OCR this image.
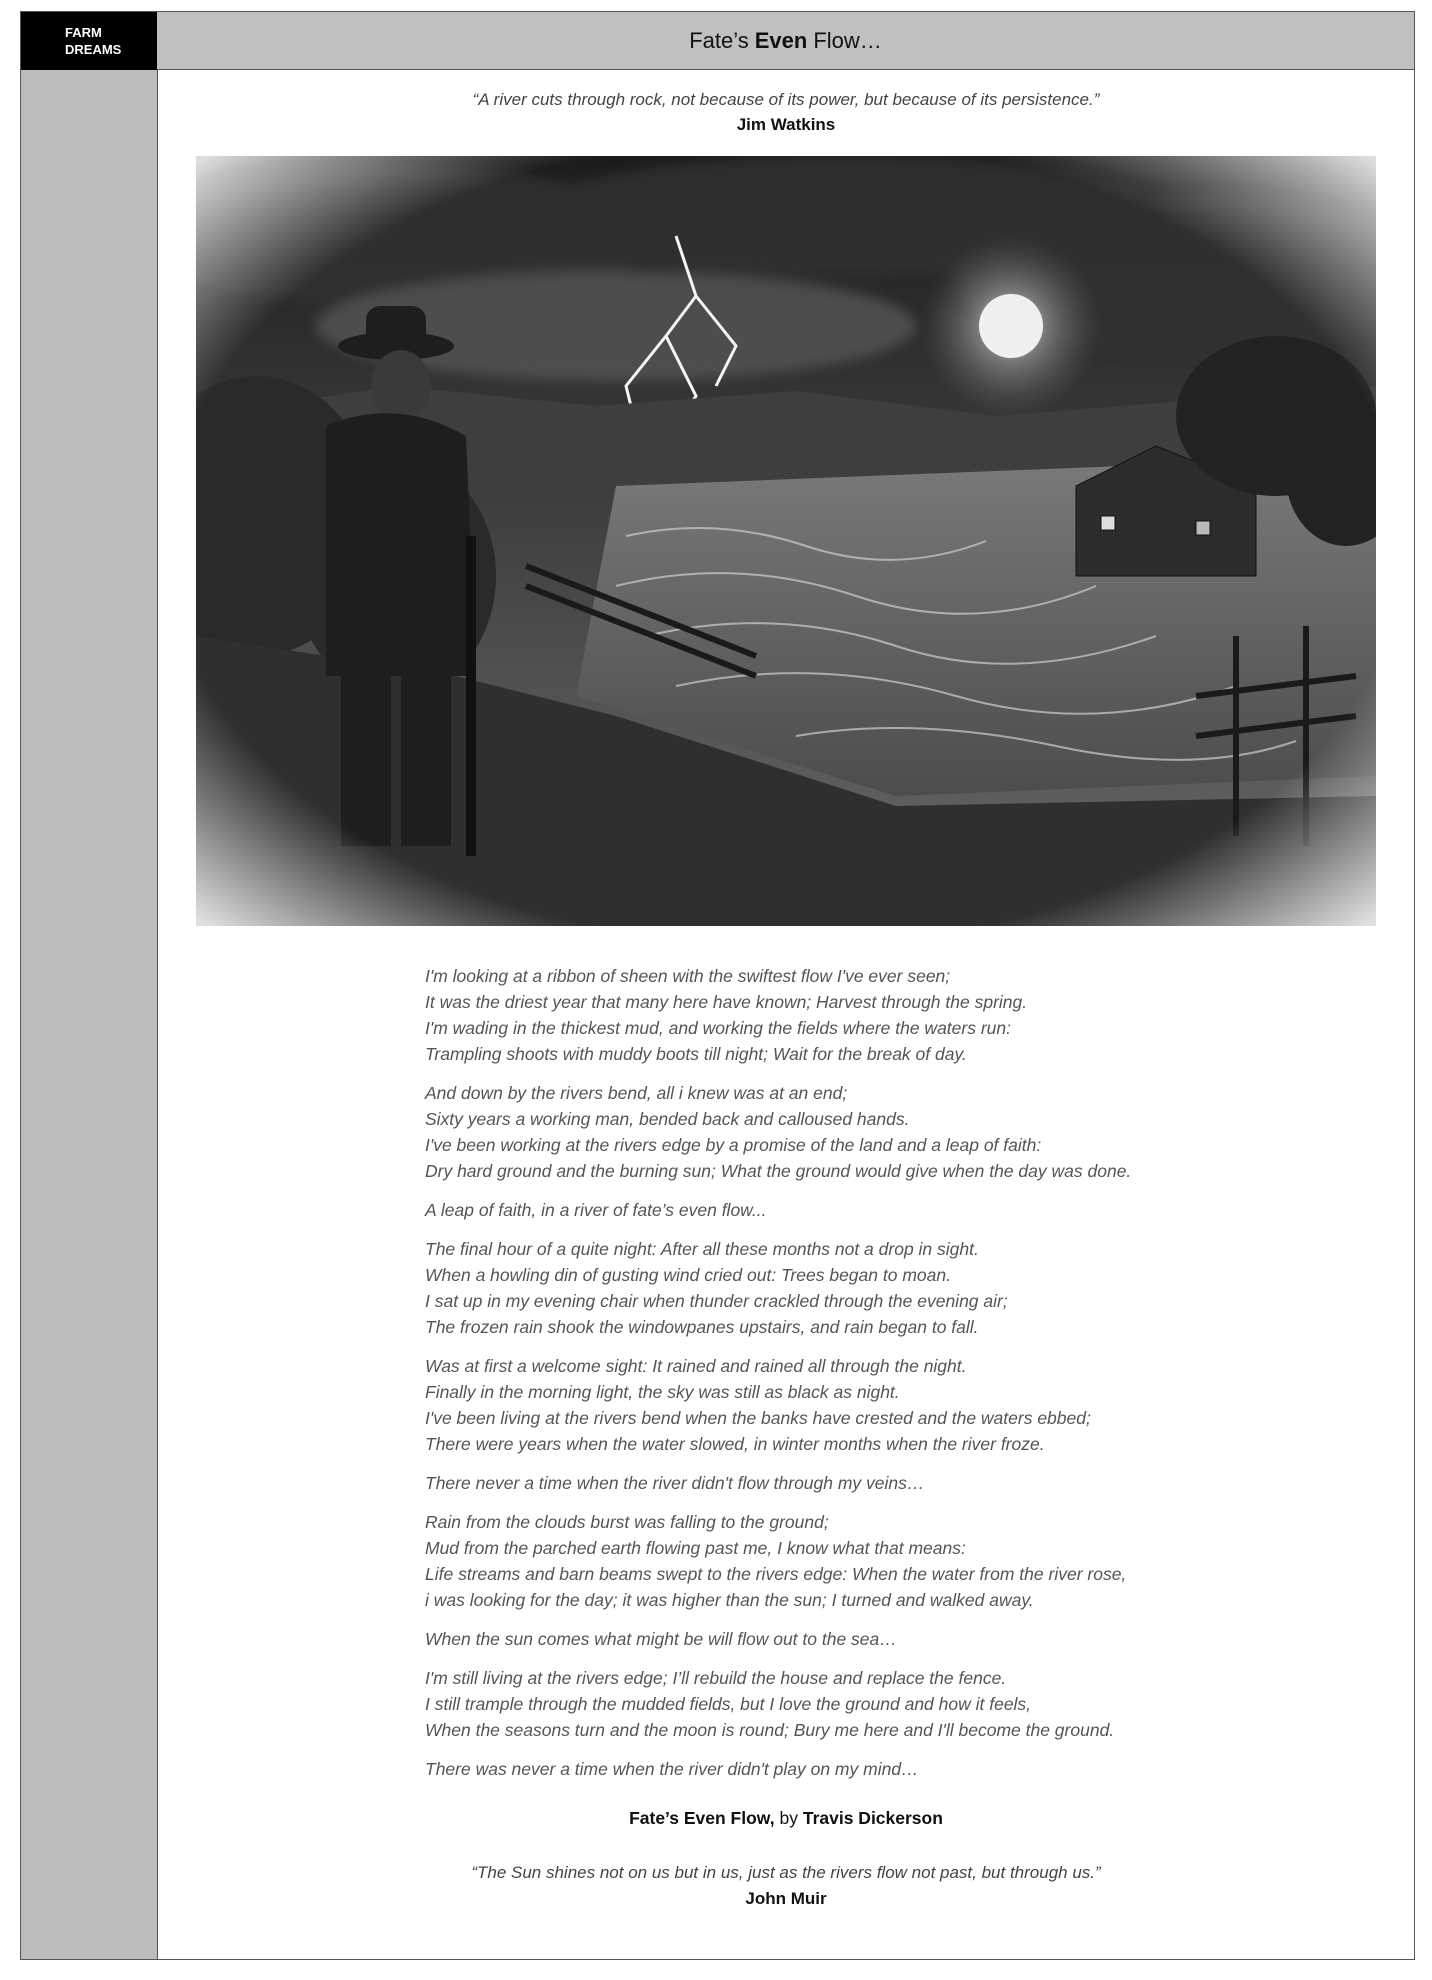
FARM
DREAMS	Fate’s Even Flow…
“A river cuts through rock, not because of its power, but because of its persistence.”
Jim Watkins
I'm looking at a ribbon of sheen with the swiftest flow I've ever seen;
It was the driest year that many here have known; Harvest through the spring.
I'm wading in the thickest mud, and working the fields where the waters run:
Trampling shoots with muddy boots till night; Wait for the break of day.
And down by the rivers bend, all i knew was at an end;
Sixty years a working man, bended back and calloused hands.
I've been working at the rivers edge by a promise of the land and a leap of faith:
Dry hard ground and the burning sun; What the ground would give when the day was done.
A leap of faith, in a river of fate’s even flow...
The final hour of a quite night: After all these months not a drop in sight.
When a howling din of gusting wind cried out: Trees began to moan.
I sat up in my evening chair when thunder crackled through the evening air;
The frozen rain shook the windowpanes upstairs, and rain began to fall.
Was at first a welcome sight: It rained and rained all through the night.
Finally in the morning light, the sky was still as black as night.
I've been living at the rivers bend when the banks have crested and the waters ebbed;
There were years when the water slowed, in winter months when the river froze.
There never a time when the river didn't flow through my veins…
Rain from the clouds burst was falling to the ground;
Mud from the parched earth flowing past me, I know what that means:
Life streams and barn beams swept to the rivers edge: When the water from the river rose,
i was looking for the day; it was higher than the sun; I turned and walked away.
When the sun comes what might be will flow out to the sea…
I'm still living at the rivers edge; I’ll rebuild the house and replace the fence.
I still trample through the mudded fields, but I love the ground and how it feels,
When the seasons turn and the moon is round; Bury me here and I'll become the ground.
There was never a time when the river didn't play on my mind…
Fate’s Even Flow, by Travis Dickerson
“The Sun shines not on us but in us, just as the rivers flow not past, but through us.”
John Muir
